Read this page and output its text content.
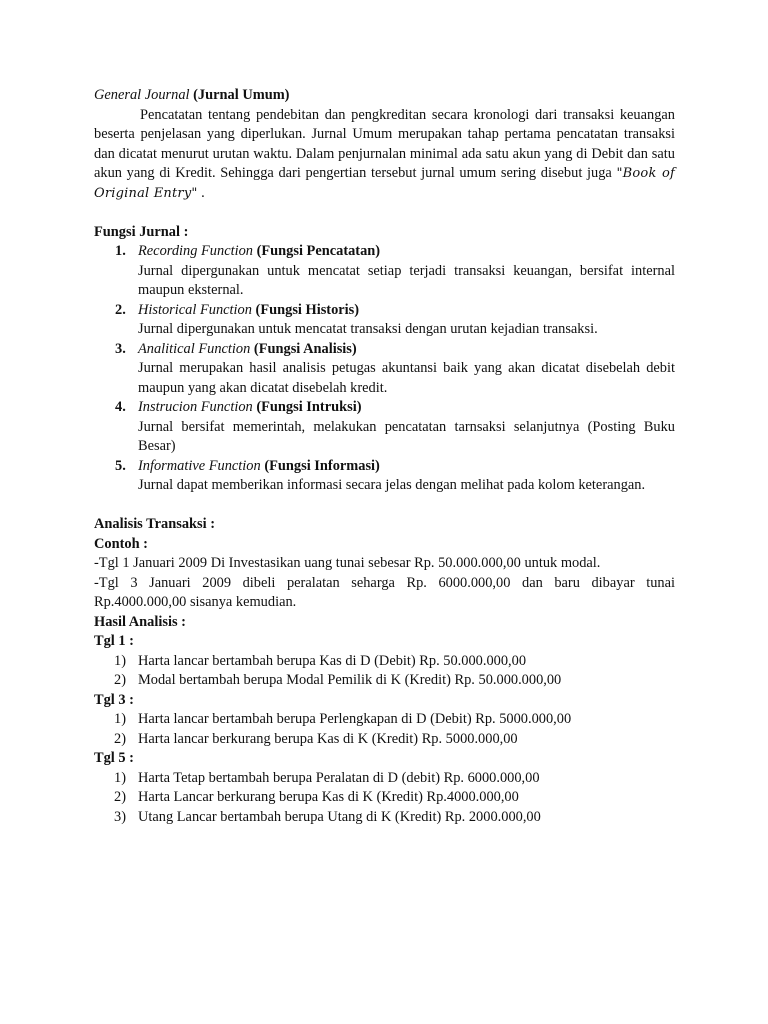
General Journal (Jurnal Umum)

Pencatatan tentang pendebitan dan pengkreditan secara kronologi dari transaksi keuangan beserta penjelasan yang diperlukan. Jurnal Umum merupakan tahap pertama pencatatan transaksi dan dicatat menurut urutan waktu. Dalam penjurnalan minimal ada satu akun yang di Debit dan satu akun yang di Kredit. Sehingga dari pengertian tersebut jurnal umum sering disebut juga "Book of Original Entry" .

Fungsi Jurnal :

1. Recording Function (Fungsi Pencatatan)

Jurnal dipergunakan untuk mencatat setiap terjadi transaksi keuangan, bersifat internal maupun eksternal.

2. Historical Function (Fungsi Historis)

Jurnal dipergunakan untuk mencatat transaksi dengan urutan kejadian transaksi.

3. Analitical Function (Fungsi Analisis)

Jurnal merupakan hasil analisis petugas akuntansi baik yang akan dicatat disebelah debit maupun yang akan dicatat disebelah kredit.

4. Instrucion Function (Fungsi Intruksi)

Jurnal bersifat memerintah, melakukan pencatatan tarnsaksi selanjutnya (Posting Buku Besar)

5. Informative Function (Fungsi Informasi)

Jurnal dapat memberikan informasi secara jelas dengan melihat pada kolom keterangan.

Analisis Transaksi :

Contoh :

-Tgl 1 Januari 2009 Di Investasikan uang tunai sebesar Rp. 50.000.000,00 untuk modal.

-Tgl 3 Januari 2009 dibeli peralatan seharga Rp. 6000.000,00 dan baru dibayar tunai Rp.4000.000,00 sisanya kemudian.

Hasil Analisis :

Tgl 1 :

1) Harta lancar bertambah berupa Kas di D (Debit) Rp. 50.000.000,00
2) Modal bertambah berupa Modal Pemilik di K (Kredit) Rp. 50.000.000,00

Tgl 3 :

1) Harta lancar bertambah berupa Perlengkapan di D (Debit) Rp. 5000.000,00
2) Harta lancar berkurang berupa Kas di K (Kredit) Rp. 5000.000,00

Tgl 5 :

1) Harta Tetap bertambah berupa Peralatan di D (debit) Rp. 6000.000,00
2) Harta Lancar berkurang berupa Kas di K (Kredit) Rp.4000.000,00
3) Utang Lancar bertambah berupa Utang di K (Kredit) Rp. 2000.000,00
